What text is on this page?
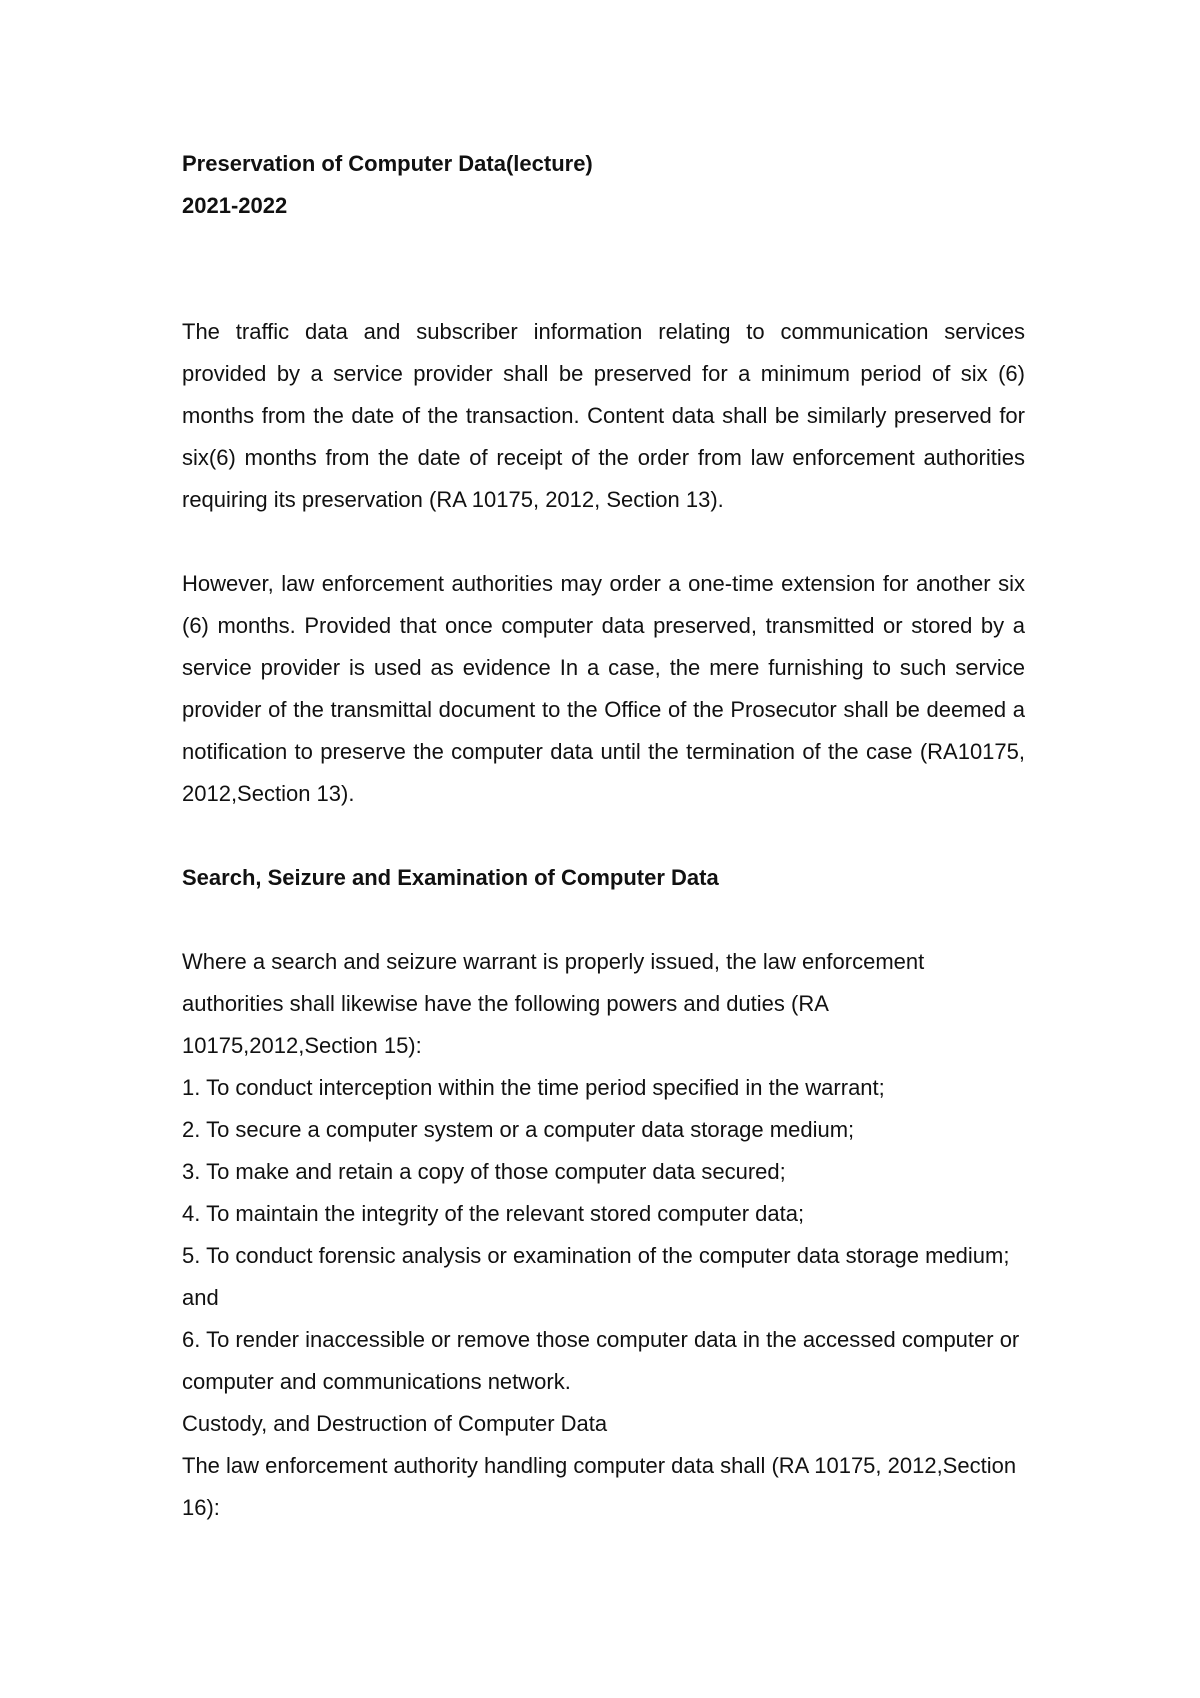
Preservation of Computer Data(lecture)

2021-2022

The traffic data and subscriber information relating to communication services provided by a service provider shall be preserved for a minimum period of six (6) months from the date of the transaction. Content data shall be similarly preserved for six(6) months from the date of receipt of the order from law enforcement authorities requiring its preservation (RA 10175, 2012, Section 13).

However, law enforcement authorities may order a one-time extension for another six (6) months. Provided that once computer data preserved, transmitted or stored by a service provider is used as evidence In a case, the mere furnishing to such service provider of the transmittal document to the Office of the Prosecutor shall be deemed a notification to preserve the computer data until the termination of the case (RA10175, 2012,Section 13).

Search, Seizure and Examination of Computer Data

Where a search and seizure warrant is properly issued, the law enforcement authorities shall likewise have the following powers and duties (RA 10175,2012,Section 15):

1. To conduct interception within the time period specified in the warrant;

2. To secure a computer system or a computer data storage medium;

3. To make and retain a copy of those computer data secured;

4. To maintain the integrity of the relevant stored computer data;

5. To conduct forensic analysis or examination of the computer data storage medium; and

6. To render inaccessible or remove those computer data in the accessed computer or computer and communications network.

Custody, and Destruction of Computer Data

The law enforcement authority handling computer data shall (RA 10175, 2012,Section 16):
